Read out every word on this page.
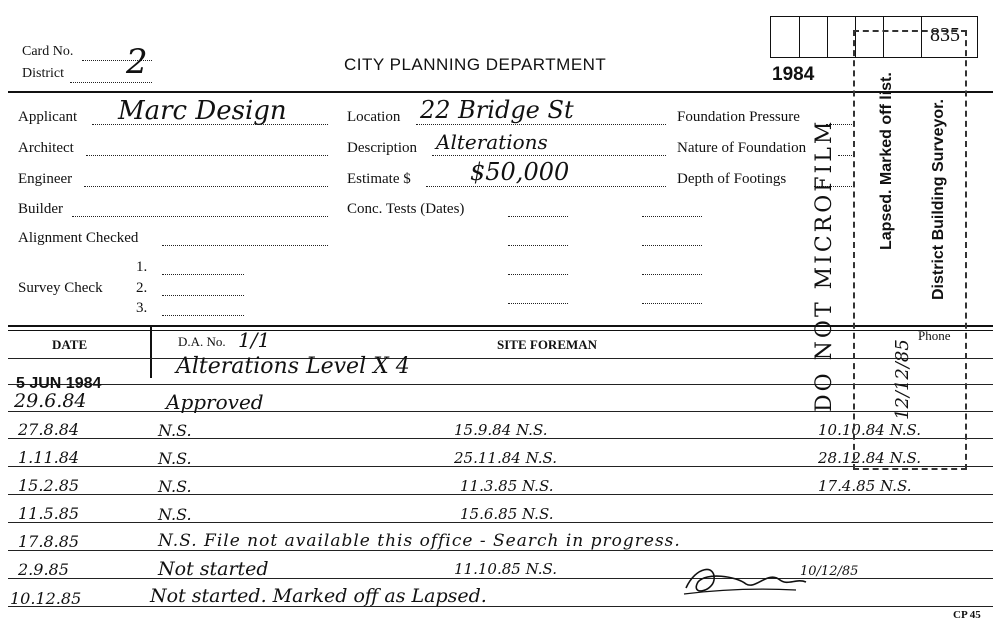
835
Card No. 2
District	CITY PLANNING DEPARTMENT	1984
Applicant Marc Design
Architect
Engineer
Builder
Alignment Checked
1.
Survey Check 2.
3.
Location 22 Bridge St
Description Alterations
Estimate $ $50,000
Conc. Tests (Dates)
Foundation Pressure
Nature of Foundation
Depth of Footings
DATE	D.A. No. 1/1	SITE FOREMAN
Phone
5 JUN 1984
Alterations Level X 4
29.6.84	Approved
27.8.84	N.S.	15.9.84 N.S.	10.10.84 N.S.
1.11.84	N.S.	25.11.84 N.S.	28.12.84 N.S.
15.2.85	N.S.	11.3.85 N.S.	17.4.85 N.S.
11.5.85	N.S.	15.6.85 N.S.
17.8.85	N.S. File not available this office - Search in progress.
2.9.85	Not started	11.10.85 N.S.
10.12.85	Not started. Marked off as Lapsed.
10/12/85
CP 45
District Building Surveyor.
Lapsed. Marked off list.
DO NOT MICROFILM	12/12/85
